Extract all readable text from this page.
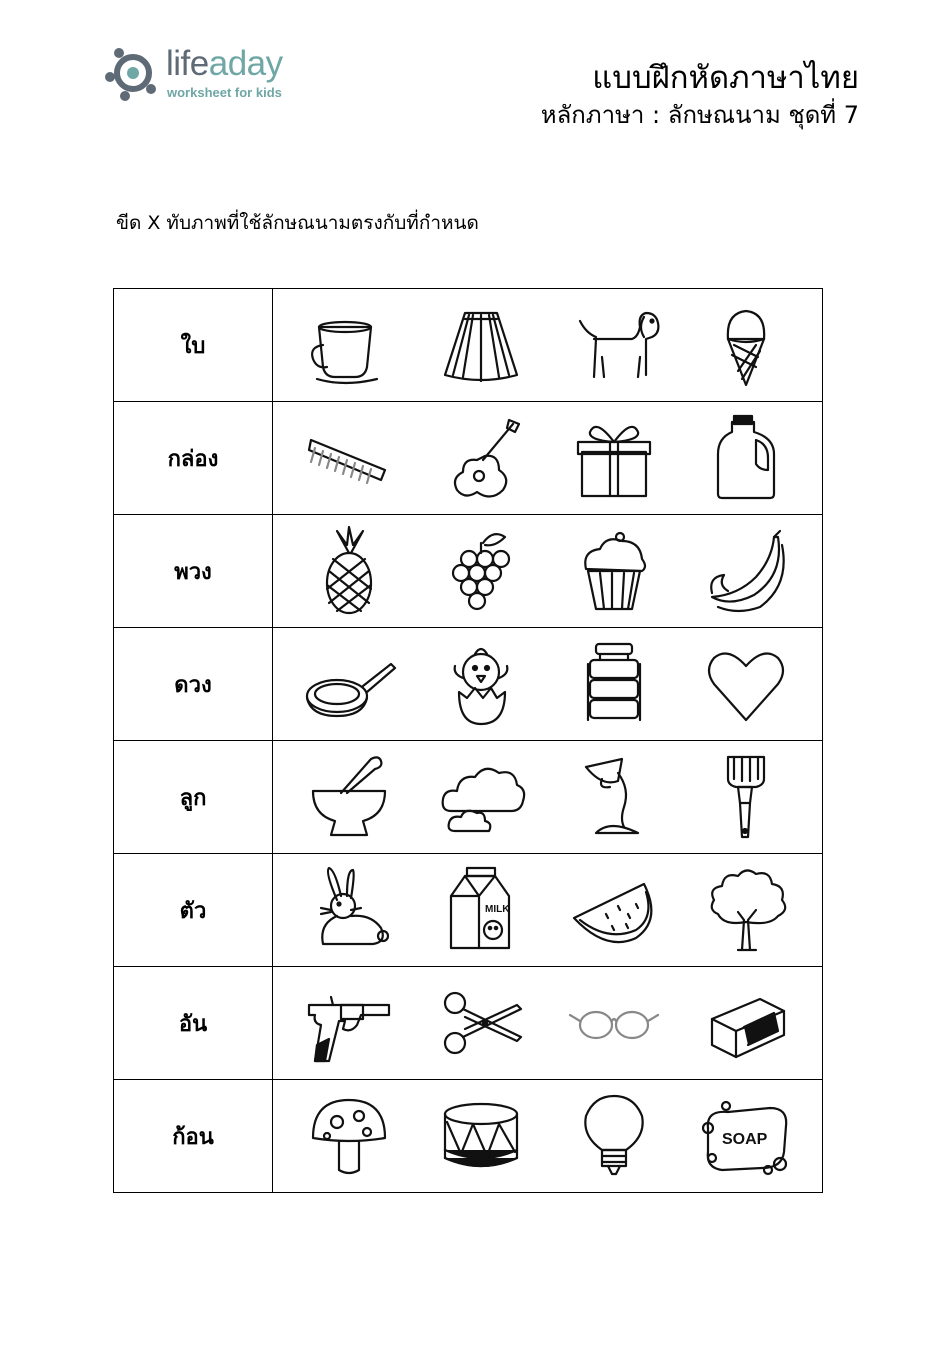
lifeaday
worksheet for kids	แบบฝึกหัดภาษาไทย
หลักภาษา : ลักษณนาม ชุดที่ 7
ขีด X ทับภาพที่ใช้ลักษณนามตรงกับที่กำหนด
ใบ	

กล่อง	

พวง	

ดวง	

ลูก	

ตัว	MILK

อัน	

ก้อน	SOAP
